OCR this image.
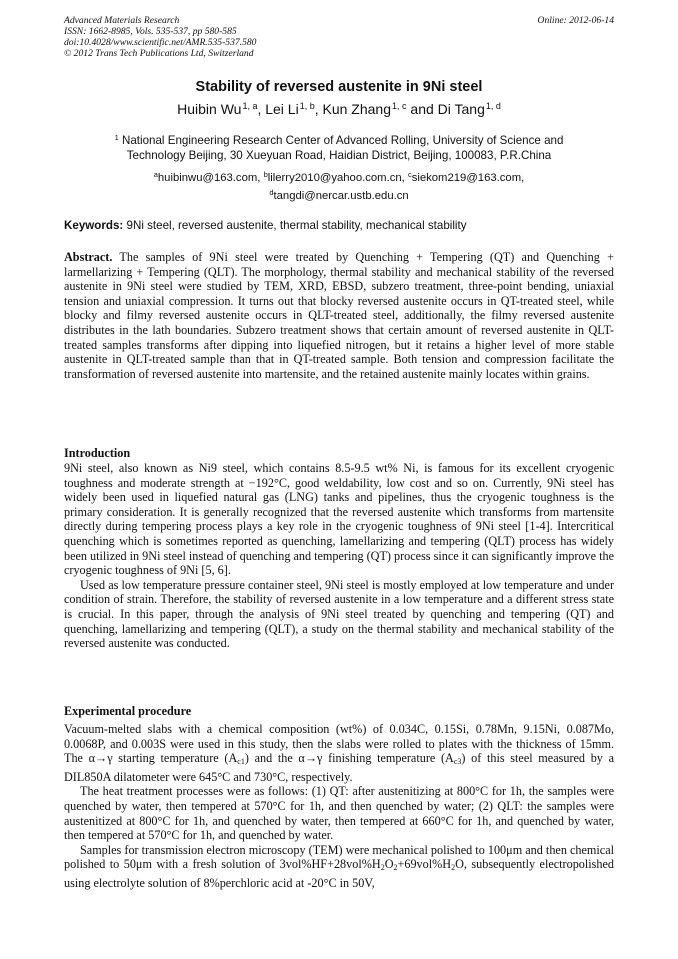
Advanced Materials Research
ISSN: 1662-8985, Vols. 535-537, pp 580-585
doi:10.4028/www.scientific.net/AMR.535-537.580
© 2012 Trans Tech Publications Ltd, Switzerland
Online: 2012-06-14
Stability of reversed austenite in 9Ni steel
Huibin Wu$^{1, a}$, Lei Li$^{1, b}$, Kun Zhang$^{1, c}$ and Di Tang$^{1, d}$
$^1$ National Engineering Research Center of Advanced Rolling, University of Science and
Technology Beijing, 30 Xueyuan Road, Haidian District, Beijing, 100083, P.R.China
$^a$huibinwu@163.com, $^b$lilerry2010@yahoo.com.cn, $^c$siekom219@163.com,
$^d$tangdi@nercar.ustb.edu.cn
Keywords: 9Ni steel, reversed austenite, thermal stability, mechanical stability

Abstract. The samples of 9Ni steel were treated by Quenching + Tempering (QT) and Quenching + larmellarizing + Tempering (QLT). The morphology, thermal stability and mechanical stability of the reversed austenite in 9Ni steel were studied by TEM, XRD, EBSD, subzero treatment, three-point bending, uniaxial tension and uniaxial compression. It turns out that blocky reversed austenite occurs in QT-treated steel, while blocky and filmy reversed austenite occurs in QLT-treated steel, additionally, the filmy reversed austenite distributes in the lath boundaries. Subzero treatment shows that certain amount of reversed austenite in QLT-treated samples transforms after dipping into liquefied nitrogen, but it retains a higher level of more stable austenite in QLT-treated sample than that in QT-treated sample. Both tension and compression facilitate the transformation of reversed austenite into martensite, and the retained austenite mainly locates within grains.

Introduction

9Ni steel, also known as Ni9 steel, which contains 8.5-9.5 wt% Ni, is famous for its excellent cryogenic toughness and moderate strength at −192°C, good weldability, low cost and so on. Currently, 9Ni steel has widely been used in liquefied natural gas (LNG) tanks and pipelines, thus the cryogenic toughness is the primary consideration. It is generally recognized that the reversed austenite which transforms from martensite directly during tempering process plays a key role in the cryogenic toughness of 9Ni steel [1-4]. Intercritical quenching which is sometimes reported as quenching, lamellarizing and tempering (QLT) process has widely been utilized in 9Ni steel instead of quenching and tempering (QT) process since it can significantly improve the cryogenic toughness of 9Ni [5, 6].

Used as low temperature pressure container steel, 9Ni steel is mostly employed at low temperature and under condition of strain. Therefore, the stability of reversed austenite in a low temperature and a different stress state is crucial. In this paper, through the analysis of 9Ni steel treated by quenching and tempering (QT) and quenching, lamellarizing and tempering (QLT), a study on the thermal stability and mechanical stability of the reversed austenite was conducted.

Experimental procedure

Vacuum-melted slabs with a chemical composition (wt%) of 0.034C, 0.15Si, 0.78Mn, 9.15Ni, 0.087Mo, 0.0068P, and 0.003S were used in this study, then the slabs were rolled to plates with the thickness of 15mm. The α→γ starting temperature $(A_{c1})$ and the α→γ finishing temperature $(A_{c3})$ of this steel measured by a DIL850A dilatometer were 645°C and 730°C, respectively.

The heat treatment processes were as follows: (1) QT: after austenitizing at 800°C for 1h, the samples were quenched by water, then tempered at 570°C for 1h, and then quenched by water; (2) QLT: the samples were austenitized at 800°C for 1h, and quenched by water, then tempered at 660°C for 1h, and quenched by water, then tempered at 570°C for 1h, and quenched by water.

Samples for transmission electron microscopy (TEM) were mechanical polished to 100μm and then chemical polished to 50μm with a fresh solution of $3vol\%HF+28vol\%H_2O_2+69vol\%H_2O$, subsequently electropolished using electrolyte solution of 8%perchloric acid at -20°C in 50V,
